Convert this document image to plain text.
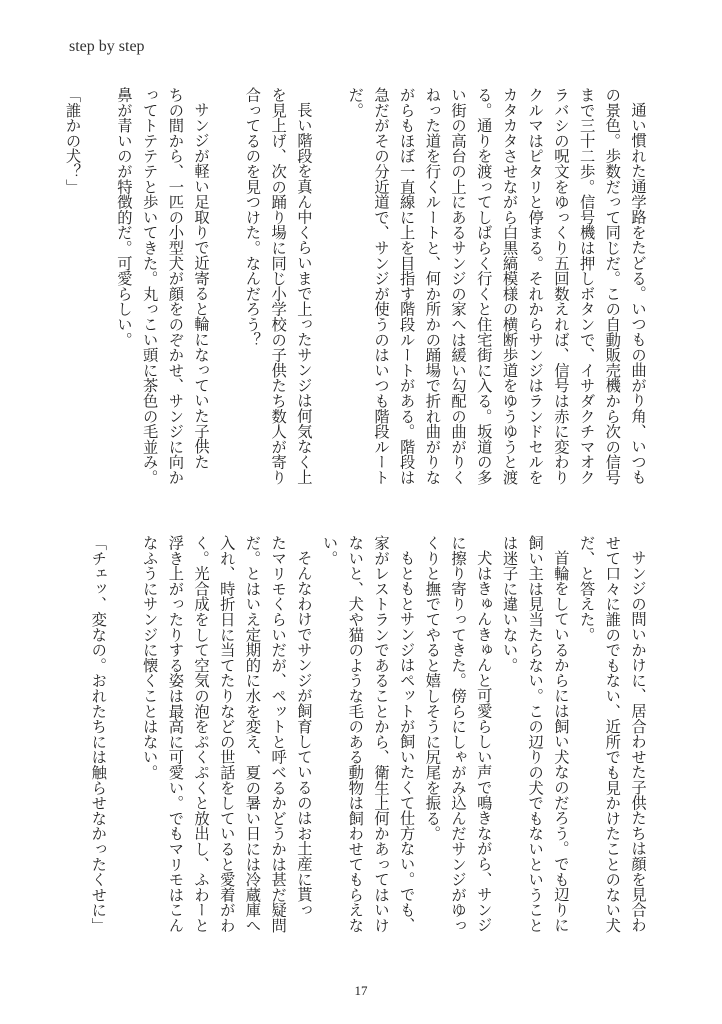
step by step

通い慣れた通学路をたどる。いつもの曲がり角、いつも

の景色。歩数だって同じだ。この自動販売機から次の信号

まで三十二歩。信号機は押しボタンで、イサダクチマオク

ラバシの呪文をゆっくり五回数えれば、信号は赤に変わり

クルマはピタリと停まる。それからサンジはランドセルを

カタカタさせながら白黒縞模様の横断歩道をゆうゆうと渡

る。通りを渡ってしばらく行くと住宅街に入る。坂道の多

い街の高台の上にあるサンジの家へは緩い勾配の曲がりく

ねった道を行くルートと、何か所かの踊場で折れ曲がりな

がらもほぼ一直線に上を目指す階段ルートがある。階段は

急だがその分近道で、サンジが使うのはいつも階段ルート

だ。

長い階段を真ん中くらいまで上ったサンジは何気なく上

を見上げ、次の踊り場に同じ小学校の子供たち数人が寄り

合ってるのを見つけた。なんだろう？

サンジが軽い足取りで近寄ると輪になっていた子供た

ちの間から、一匹の小型犬が顔をのぞかせ、サンジに向か

ってトテテテと歩いてきた。丸っこい頭に茶色の毛並み。

鼻が青いのが特徴的だ。可愛らしい。

「誰かの犬？」

サンジの問いかけに、居合わせた子供たちは顔を見合わ

せて口々に誰のでもない、近所でも見かけたことのない犬

だ、と答えた。

首輪をしているからには飼い犬なのだろう。でも辺りに

飼い主は見当たらない。この辺りの犬でもないということ

は迷子に違いない。

犬はきゅんきゅんと可愛らしい声で鳴きながら、サンジ

に擦り寄りってきた。傍らにしゃがみ込んだサンジがゆっ

くりと撫でてやると嬉しそうに尻尾を振る。

もともとサンジはペットが飼いたくて仕方ない。でも、

家がレストランであることから、衛生上何かあってはいけ

ないと、犬や猫のような毛のある動物は飼わせてもらえな

い。

そんなわけでサンジが飼育しているのはお土産に貰っ

たマリモくらいだが、ペットと呼べるかどうかは甚だ疑問

だ。とはいえ定期的に水を変え、夏の暑い日には冷蔵庫へ

入れ、時折日に当てたりなどの世話をしていると愛着がわ

く。光合成をして空気の泡をぷくぷくと放出し、ふわーと

浮き上がったりする姿は最高に可愛い。でもマリモはこん

なふうにサンジに懐くことはない。

「チェッ、変なの。おれたちには触らせなかったくせに」

17
